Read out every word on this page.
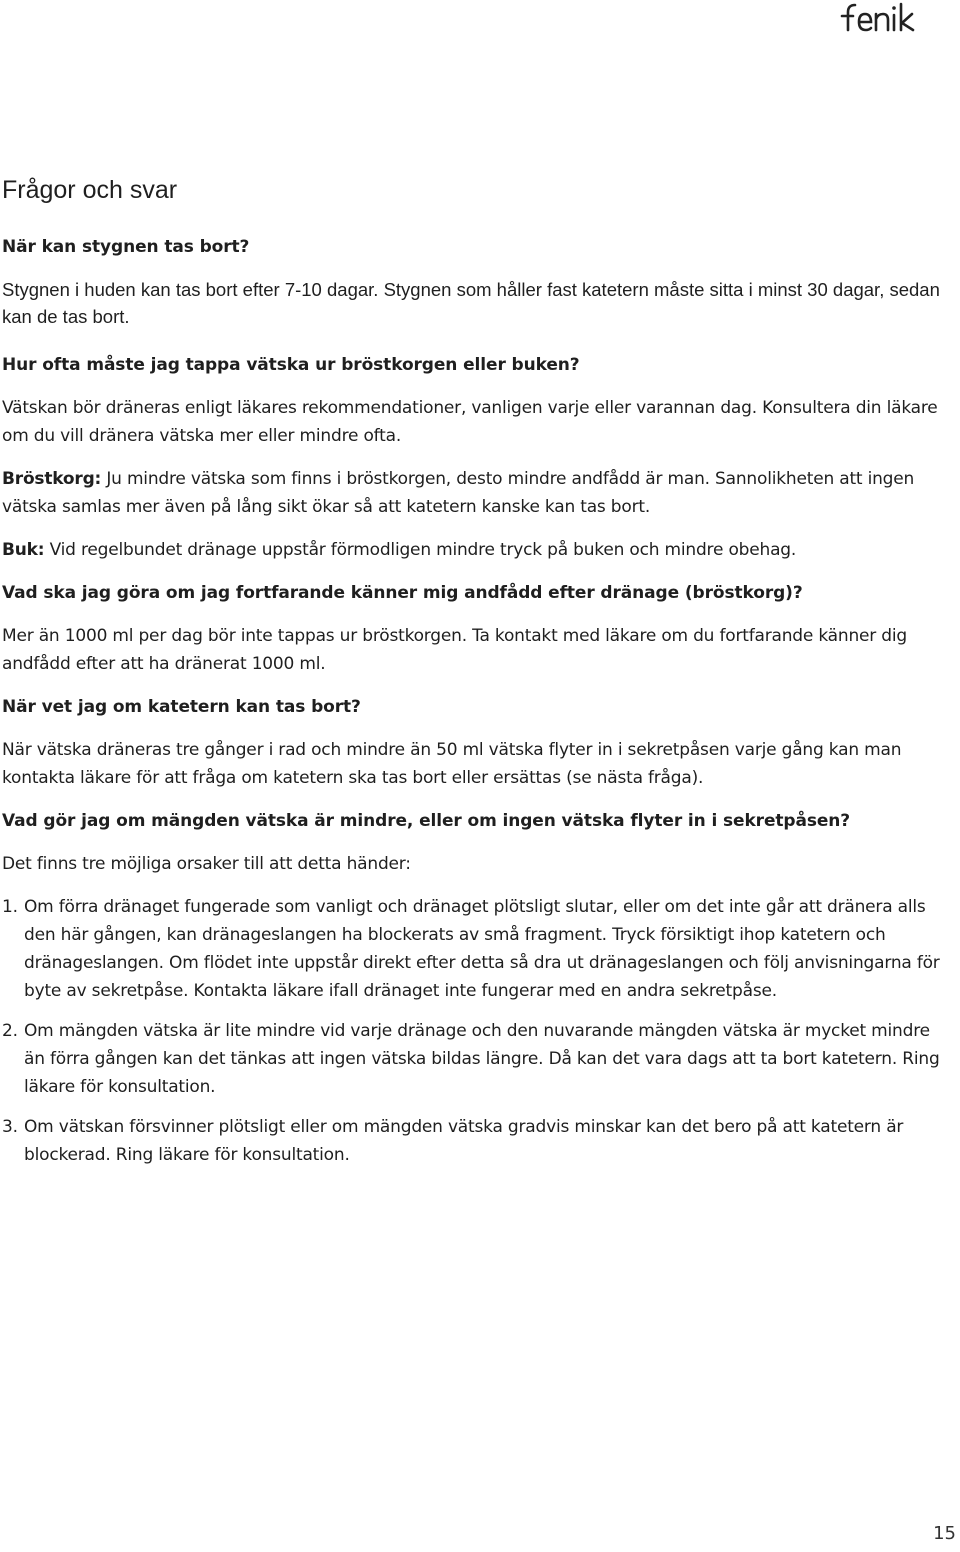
Frågor och svar

När kan stygnen tas bort?

Stygnen i huden kan tas bort efter 7-10 dagar. Stygnen som håller fast katetern måste sitta i minst 30 dagar, sedan kan de tas bort.

Hur ofta måste jag tappa vätska ur bröstkorgen eller buken?

Vätskan bör dräneras enligt läkares rekommendationer, vanligen varje eller varannan dag. Konsultera din läkare om du vill dränera vätska mer eller mindre ofta.

Bröstkorg: Ju mindre vätska som finns i bröstkorgen, desto mindre andfådd är man. Sannolikheten att ingen vätska samlas mer även på lång sikt ökar så att katetern kanske kan tas bort.

Buk: Vid regelbundet dränage uppstår förmodligen mindre tryck på buken och mindre obehag.

Vad ska jag göra om jag fortfarande känner mig andfådd efter dränage (bröstkorg)?

Mer än 1000 ml per dag bör inte tappas ur bröstkorgen. Ta kontakt med läkare om du fortfarande känner dig andfådd efter att ha dränerat 1000 ml.

När vet jag om katetern kan tas bort?

När vätska dräneras tre gånger i rad och mindre än 50 ml vätska flyter in i sekretpåsen varje gång kan man kontakta läkare för att fråga om katetern ska tas bort eller ersättas (se nästa fråga).

Vad gör jag om mängden vätska är mindre, eller om ingen vätska flyter in i sekretpåsen?

Det finns tre möjliga orsaker till att detta händer:

1. Om förra dränaget fungerade som vanligt och dränaget plötsligt slutar, eller om det inte går att dränera alls den här gången, kan dränageslangen ha blockerats av små fragment. Tryck försiktigt ihop katetern och dränageslangen. Om flödet inte uppstår direkt efter detta så dra ut dränageslangen och följ anvisningarna för byte av sekretpåse. Kontakta läkare ifall dränaget inte fungerar med en andra sekretpåse.
2. Om mängden vätska är lite mindre vid varje dränage och den nuvarande mängden vätska är mycket mindre än förra gången kan det tänkas att ingen vätska bildas längre. Då kan det vara dags att ta bort katetern. Ring läkare för konsultation.
3. Om vätskan försvinner plötsligt eller om mängden vätska gradvis minskar kan det bero på att katetern är blockerad. Ring läkare för konsultation.
15
